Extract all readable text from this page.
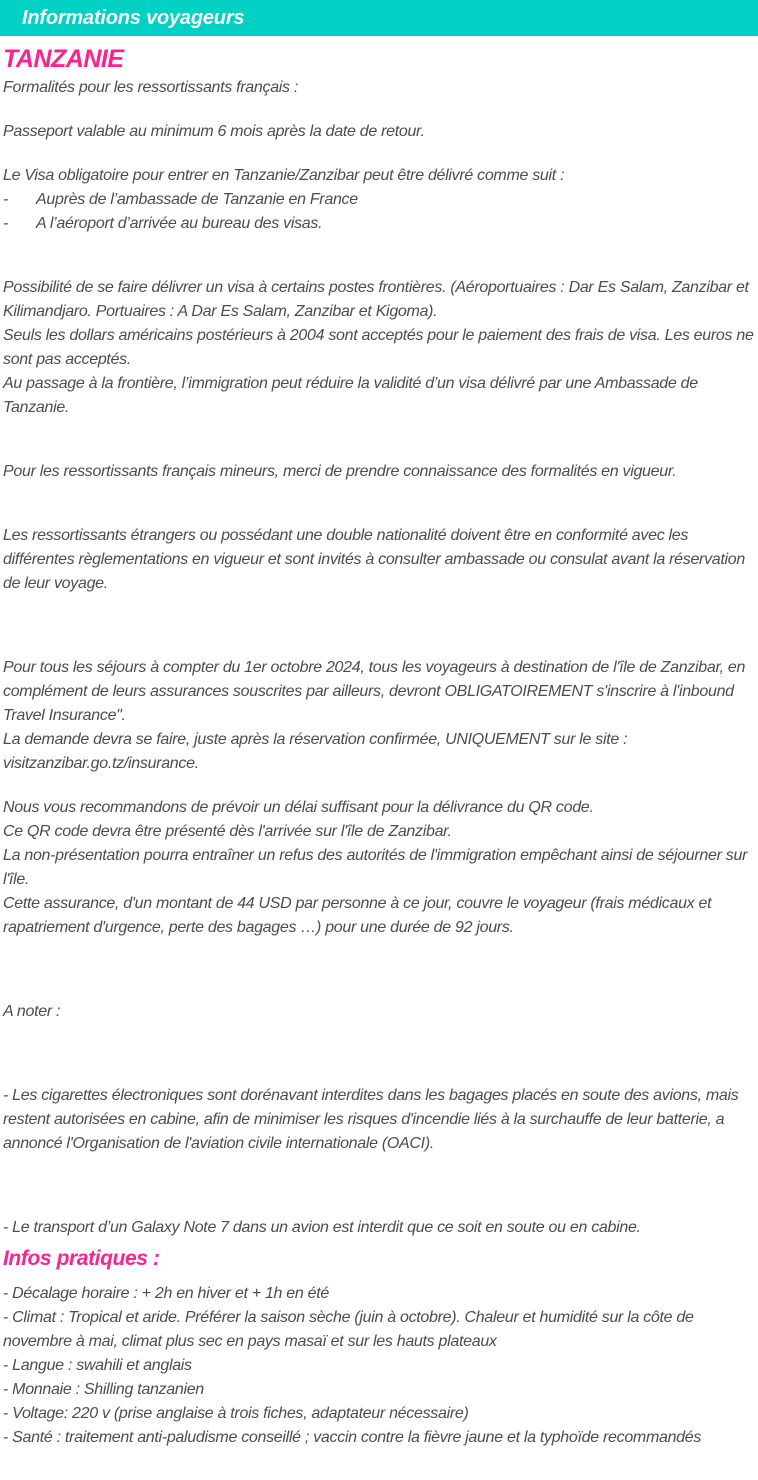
Informations voyageurs
TANZANIE

Formalités pour les ressortissants français :

Passeport valable au minimum 6 mois après la date de retour.

Le Visa obligatoire pour entrer en Tanzanie/Zanzibar peut être délivré comme suit :

- Auprès de l’ambassade de Tanzanie en France

- A l’aéroport d’arrivée au bureau des visas.

Possibilité de se faire délivrer un visa à certains postes frontières. (Aéroportuaires : Dar Es Salam, Zanzibar et Kilimandjaro. Portuaires : A Dar Es Salam, Zanzibar et Kigoma).

Seuls les dollars américains postérieurs à 2004 sont acceptés pour le paiement des frais de visa. Les euros ne sont pas acceptés.

Au passage à la frontière, l’immigration peut réduire la validité d’un visa délivré par une Ambassade de Tanzanie.

Pour les ressortissants français mineurs, merci de prendre connaissance des formalités en vigueur.

Les ressortissants étrangers ou possédant une double nationalité doivent être en conformité avec les différentes règlementations en vigueur et sont invités à consulter ambassade ou consulat avant la réservation de leur voyage.

Pour tous les séjours à compter du 1er octobre 2024, tous les voyageurs à destination de l'île de Zanzibar, en complément de leurs assurances souscrites par ailleurs, devront OBLIGATOIREMENT s'inscrire à l'inbound Travel Insurance".

La demande devra se faire, juste après la réservation confirmée, UNIQUEMENT sur le site :

visitzanzibar.go.tz/insurance.

Nous vous recommandons de prévoir un délai suffisant pour la délivrance du QR code.

Ce QR code devra être présenté dès l'arrivée sur l'île de Zanzibar.

La non-présentation pourra entraîner un refus des autorités de l'immigration empêchant ainsi de séjourner sur l'île.

Cette assurance, d'un montant de 44 USD par personne à ce jour, couvre le voyageur (frais médicaux et rapatriement d'urgence, perte des bagages …) pour une durée de 92 jours.

A noter :

- Les cigarettes électroniques sont dorénavant interdites dans les bagages placés en soute des avions, mais restent autorisées en cabine, afin de minimiser les risques d'incendie liés à la surchauffe de leur batterie, a annoncé l'Organisation de l'aviation civile internationale (OACI).

- Le transport d’un Galaxy Note 7 dans un avion est interdit que ce soit en soute ou en cabine.

Infos pratiques :

- Décalage horaire : + 2h en hiver et + 1h en été

- Climat : Tropical et aride. Préférer la saison sèche (juin à octobre). Chaleur et humidité sur la côte de novembre à mai, climat plus sec en pays masaï et sur les hauts plateaux

- Langue : swahili et anglais

- Monnaie : Shilling tanzanien

- Voltage: 220 v (prise anglaise à trois fiches, adaptateur nécessaire)

- Santé : traitement anti-paludisme conseillé ; vaccin contre la fièvre jaune et la typhoïde recommandés
